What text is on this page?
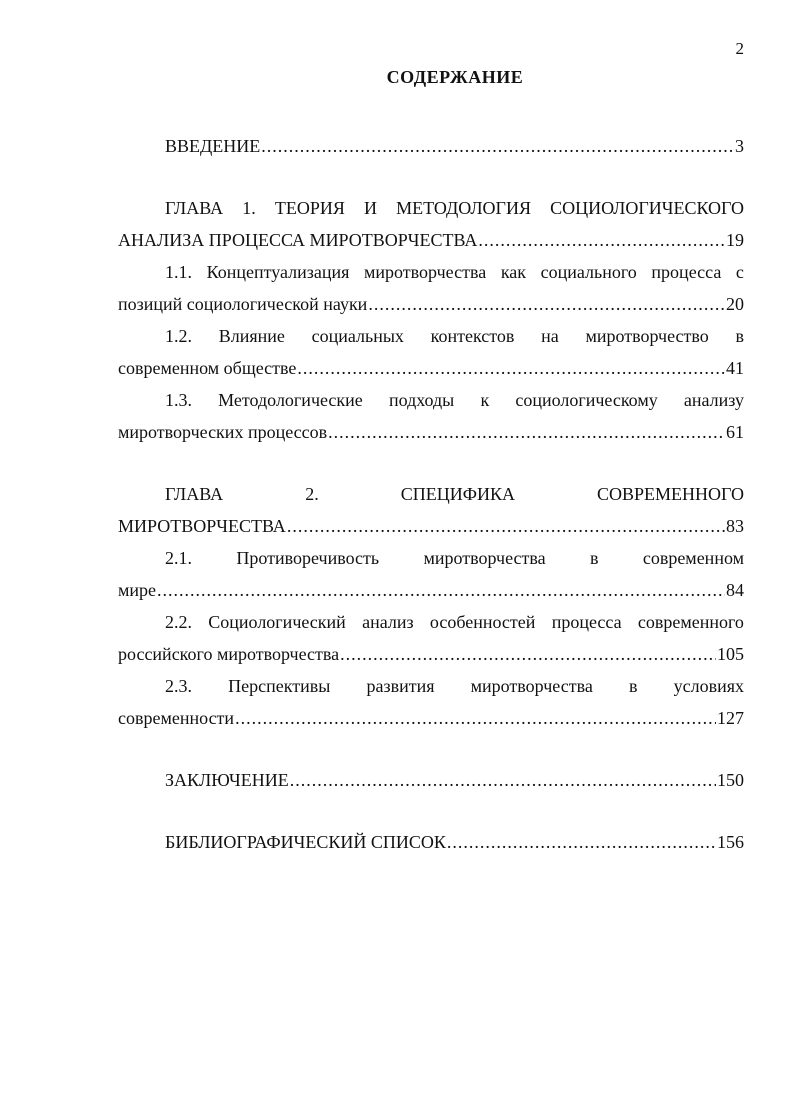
2
СОДЕРЖАНИЕ
ВВЕДЕНИЕ .....	3
ГЛАВА 1. ТЕОРИЯ И МЕТОДОЛОГИЯ СОЦИОЛОГИЧЕСКОГО
АНАЛИЗА ПРОЦЕССА МИРОТВОРЧЕСТВА .....	19
1.1. Концептуализация миротворчества как социального процесса с
позиций социологической науки .....	20
1.2. Влияние социальных контекстов на миротворчество в
современном обществе .....	41
1.3. Методологические подходы к социологическому анализу
миротворческих процессов .....	61
ГЛАВА	2.	СПЕЦИФИКА	СОВРЕМЕННОГО
МИРОТВОРЧЕСТВА .....	83
2.1. Противоречивость миротворчества в современном
мире .....	84
2.2. Социологический анализ особенностей процесса современного
российского миротворчества .....	105
2.3. Перспективы развития миротворчества в условиях
современности .....	127
ЗАКЛЮЧЕНИЕ .....	150
БИБЛИОГРАФИЧЕСКИЙ СПИСОК .....	156
